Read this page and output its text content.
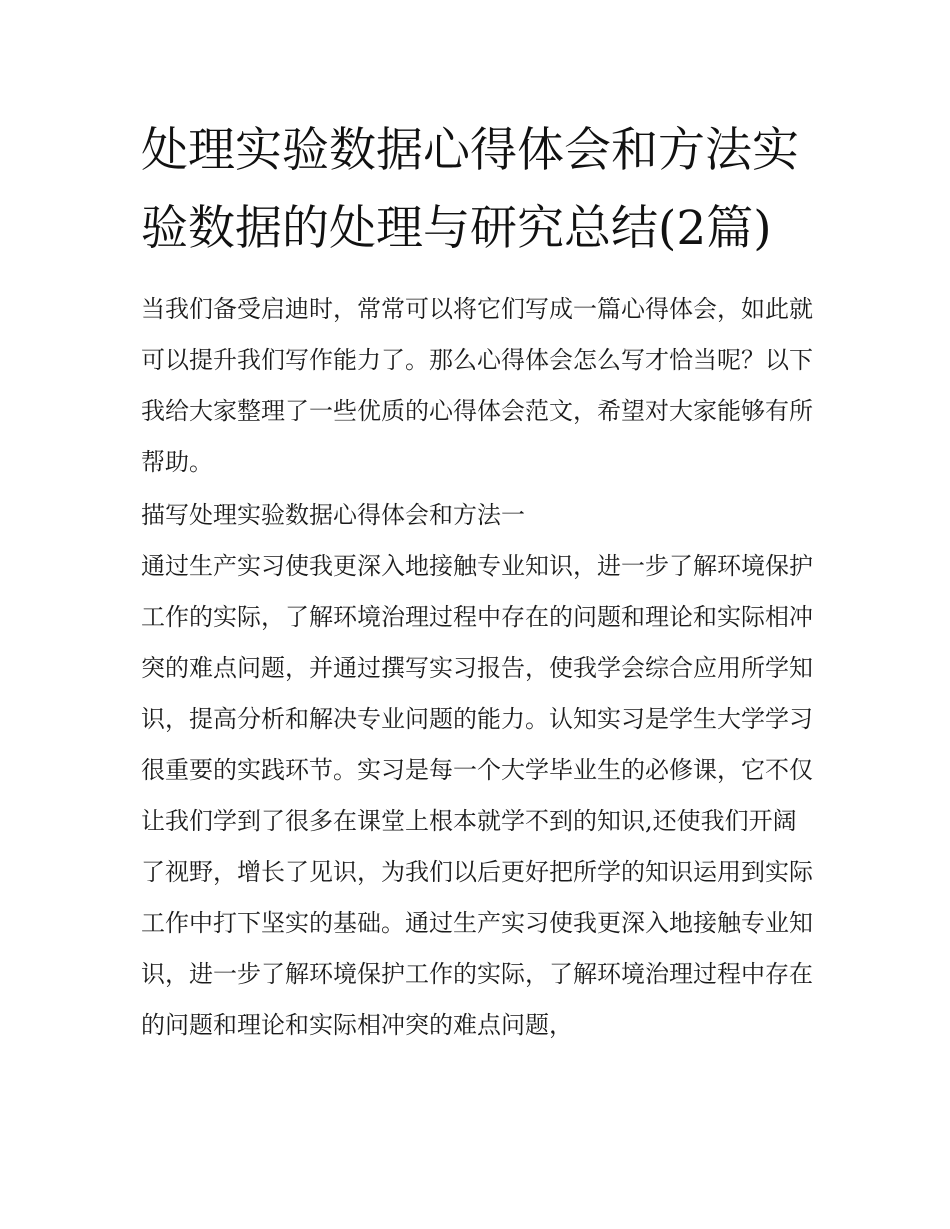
处理实验数据心得体会和方法实验数据的处理与研究总结(2篇)

当我们备受启迪时，常常可以将它们写成一篇心得体会，如此就可以提升我们写作能力了。那么心得体会怎么写才恰当呢？以下我给大家整理了一些优质的心得体会范文，希望对大家能够有所帮助。

描写处理实验数据心得体会和方法一

通过生产实习使我更深入地接触专业知识，进一步了解环境保护工作的实际，了解环境治理过程中存在的问题和理论和实际相冲突的难点问题，并通过撰写实习报告，使我学会综合应用所学知识，提高分析和解决专业问题的能力。认知实习是学生大学学习很重要的实践环节。实习是每一个大学毕业生的必修课，它不仅让我们学到了很多在课堂上根本就学不到的知识,还使我们开阔了视野，增长了见识，为我们以后更好把所学的知识运用到实际工作中打下坚实的基础。通过生产实习使我更深入地接触专业知识，进一步了解环境保护工作的实际，了解环境治理过程中存在的问题和理论和实际相冲突的难点问题，
